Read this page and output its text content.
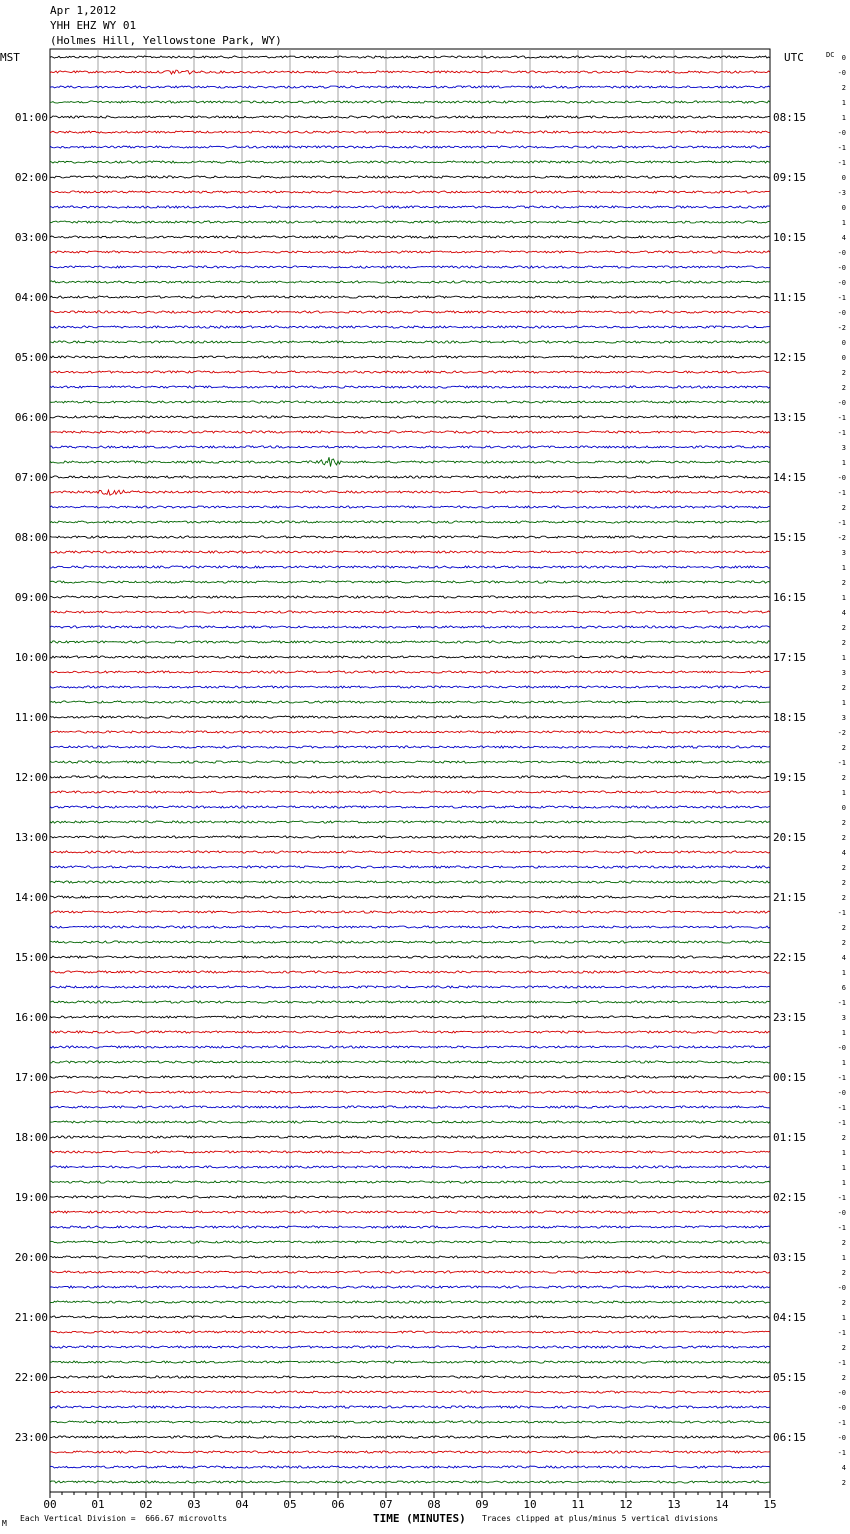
Apr 1,2012
YHH EHZ WY 01
(Holmes Hill, Yellowstone Park, WY)
00	01	02	03	04	05	06	07	08	09	10	11	12	13	14	15
0
-0
2
1
1
-0
-1
-1
0
-3
0
1
4
-0
-0
-0
-1
-0
-2
0
0
2
2
-0
-1
-1
3
1
-0
-1
2
-1
-2
3
1
2
1
4
2
2
1
3
2
1
3
-2
2
-1
2
1
0
2
2
4
2
2
2
-1
2
2
4
1
6
-1
3
1
-0
1
-1
-0
-1
-1
2
1
1
1
-1
-0
-1
2
1
2
-0
2
1
-1
2
-1
2
-0
-0
-1
-0
-1
4
2
01:00
02:00
03:00
04:00
05:00
06:00
07:00
08:00
09:00
10:00
11:00
12:00
13:00
14:00
15:00
16:00
17:00
18:00
19:00
20:00
21:00
22:00
23:00
08:15
09:15
10:15
11:15
12:15
13:15
14:15
15:15
16:15
17:15
18:15
19:15
20:15
21:15
22:15
23:15
00:15
01:15
02:15
03:15
04:15
05:15
06:15
MST	UTC	DC
M
Each Vertical Division =  666.67 microvolts	TIME (MINUTES) Traces clipped at plus/minus 5 vertical divisions
